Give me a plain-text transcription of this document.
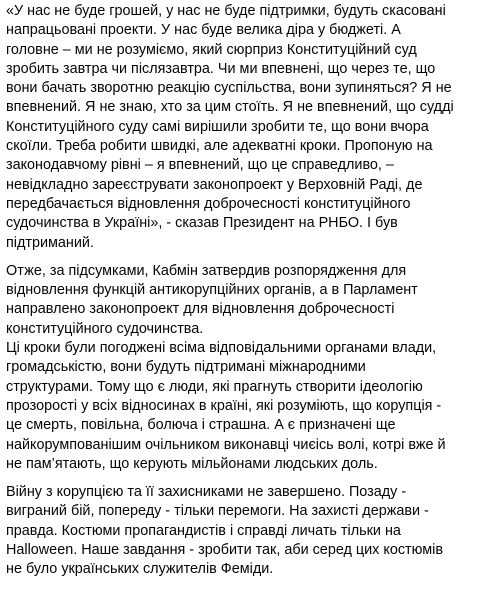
«У нас не буде грошей, у нас не буде підтримки, будуть скасовані
напрацьовані проекти. У нас буде велика діра у бюджеті. А
головне – ми не розуміємо, який сюрприз Конституційний суд
зробить завтра чи післязавтра. Чи ми впевнені, що через те, що
вони бачать зворотню реакцію суспільства, вони зупиняться? Я не
впевнений. Я не знаю, хто за цим стоїть. Я не впевнений, що судді
Конституційного суду самі вирішили зробити те, що вони вчора
скоїли. Треба робити швидкі, але адекватні кроки. Пропоную на
законодавчому рівні – я впевнений, що це справедливо, –
невідкладно зареєструвати законопроект у Верховній Раді, де
передбачається відновлення доброчесності конституційного
судочинства в Україні», - сказав Президент на РНБО. І був
підтриманий.

Отже, за підсумками, Кабмін затвердив розпорядження для
відновлення функцій антикорупційних органів, а в Парламент
направлено законопроект для відновлення доброчесності
конституційного судочинства.

Ці кроки були погоджені всіма відповідальними органами влади,
громадськістю, вони будуть підтримані міжнародними
структурами. Тому що є люди, які прагнуть створити ідеологію
прозорості у всіх відносинах в країні, які розуміють, що корупція -
це смерть, повільна, болюча і страшна. А є призначені ще
найкорумпованішим очільником виконавці чиєісь волі, котрі вже й
не пам’ятають, що керують мільйонами людських доль.

Війну з корупцією та її захисниками не завершено. Позаду -
виграний бій, попереду - тільки перемоги. На захисті держави -
правда. Костюми пропагандистів і справді личать тільки на
Halloween. Наше завдання - зробити так, аби серед цих костюмів
не було українських служителів Феміди.
